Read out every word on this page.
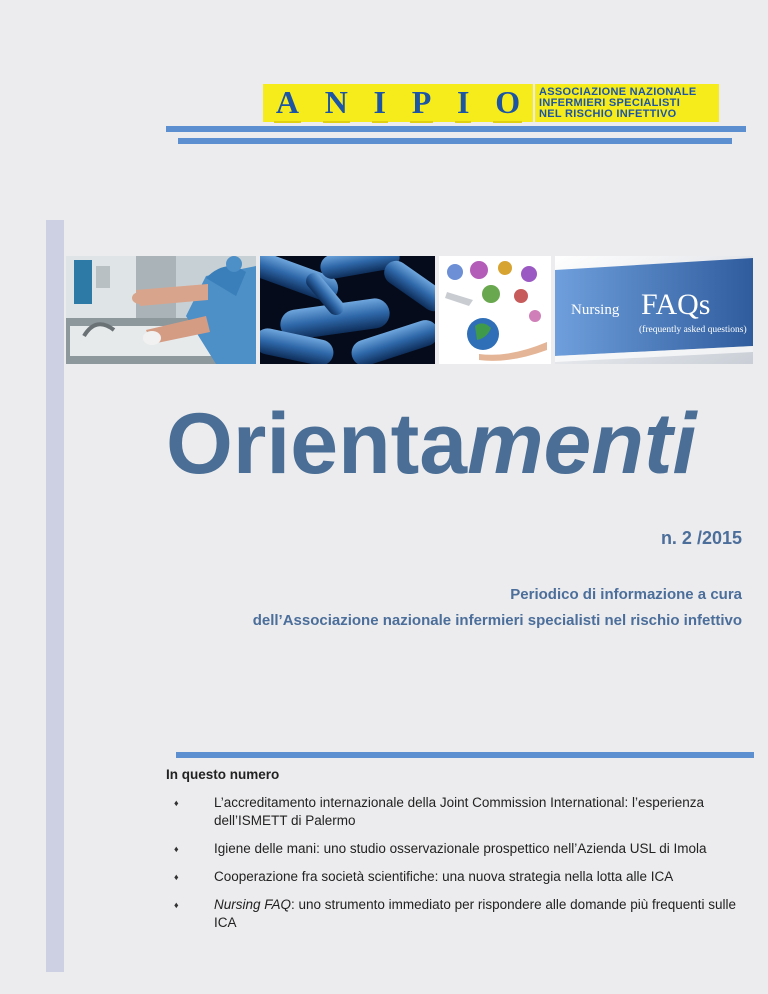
A N I P I O ASSOCIAZIONE NAZIONALE
INFERMIERI SPECIALISTI
NEL RISCHIO INFETTIVO
Nursing FAQs
(frequently asked questions)
Orientamenti
n. 2 /2015
Periodico di informazione a cura
dell’Associazione nazionale infermieri specialisti nel rischio infettivo
In questo numero
♦	L’accreditamento internazionale della Joint Commission International: l’esperienza dell’ISMETT di Palermo
♦	Igiene delle mani: uno studio osservazionale prospettico nell’Azienda USL di Imola
♦	Cooperazione fra società scientifiche: una nuova strategia nella lotta alle ICA
♦	Nursing FAQ: uno strumento immediato per rispondere alle domande più frequenti sulle ICA
